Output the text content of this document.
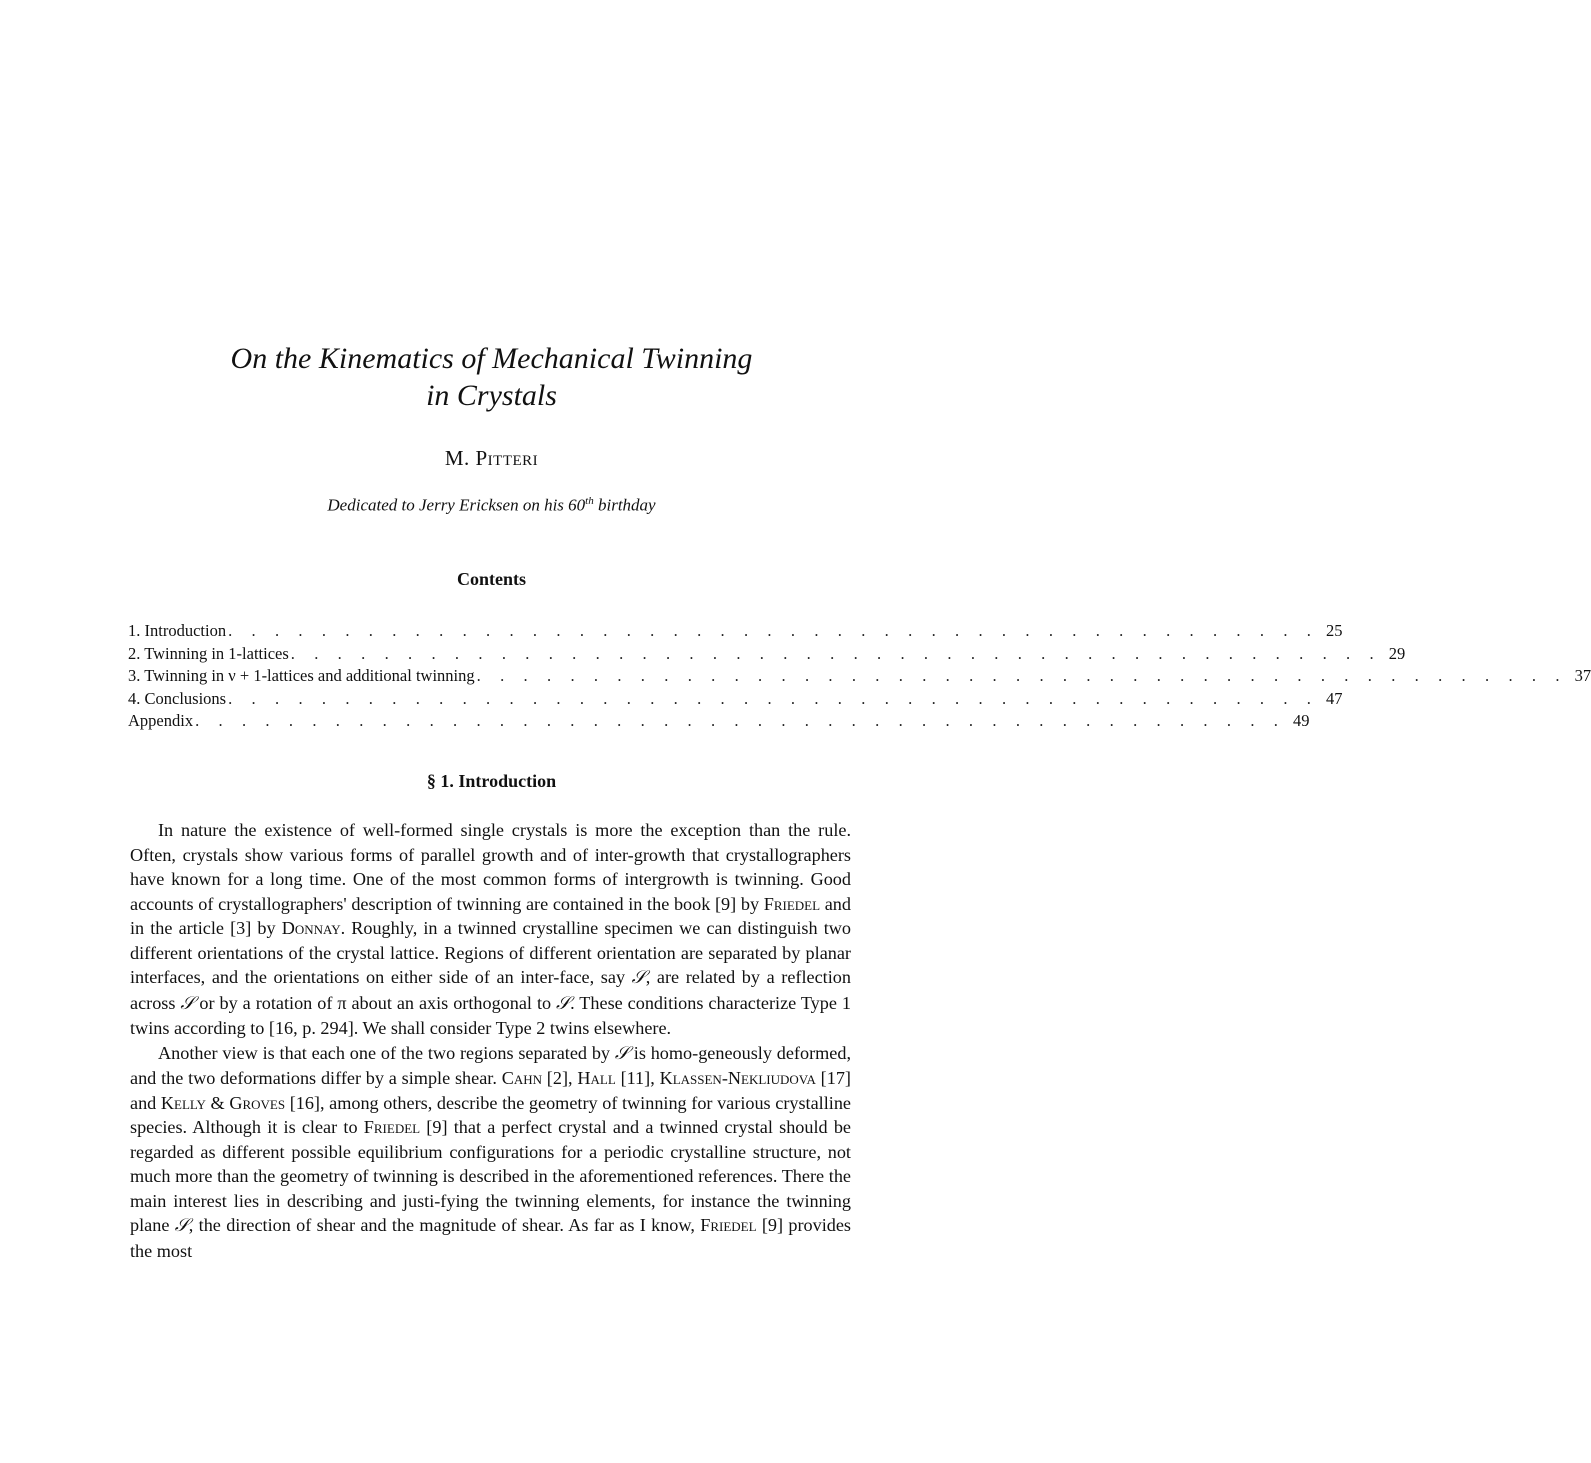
On the Kinematics of Mechanical Twinning
in Crystals
M. Pitteri
Dedicated to Jerry Ericksen on his 60th birthday
Contents
1. Introduction . . . . . . . . . . . . . . . . . . . . . . . . . . . . . . . . . . . . . . . . . . . . . . . 25
2. Twinning in 1-lattices . . . . . . . . . . . . . . . . . . . . . . . . . . . . . . . . . . . . . . . . . . . . . . . 29
3. Twinning in ν + 1-lattices and additional twinning . . . . . . . . . . . . . . . . . . . . . . . . . . . . . . . . . . . . . . . . . . . . . . . 37
4. Conclusions . . . . . . . . . . . . . . . . . . . . . . . . . . . . . . . . . . . . . . . . . . . . . . . 47
Appendix . . . . . . . . . . . . . . . . . . . . . . . . . . . . . . . . . . . . . . . . . . . . . . . 49
§ 1. Introduction

In nature the existence of well-formed single crystals is more the exception than the rule. Often, crystals show various forms of parallel growth and of inter-growth that crystallographers have known for a long time. One of the most common forms of intergrowth is twinning. Good accounts of crystallographers' description of twinning are contained in the book [9] by Friedel and in the article [3] by Donnay. Roughly, in a twinned crystalline specimen we can distinguish two different orientations of the crystal lattice. Regions of different orientation are separated by planar interfaces, and the orientations on either side of an inter-face, say 𝒮, are related by a reflection across 𝒮 or by a rotation of π about an axis orthogonal to 𝒮. These conditions characterize Type 1 twins according to [16, p. 294]. We shall consider Type 2 twins elsewhere.

Another view is that each one of the two regions separated by 𝒮 is homo-geneously deformed, and the two deformations differ by a simple shear. Cahn [2], Hall [11], Klassen-Nekliudova [17] and Kelly & Groves [16], among others, describe the geometry of twinning for various crystalline species. Although it is clear to Friedel [9] that a perfect crystal and a twinned crystal should be regarded as different possible equilibrium configurations for a periodic crystalline structure, not much more than the geometry of twinning is described in the aforementioned references. There the main interest lies in describing and justi-fying the twinning elements, for instance the twinning plane 𝒮, the direction of shear and the magnitude of shear. As far as I know, Friedel [9] provides the most
